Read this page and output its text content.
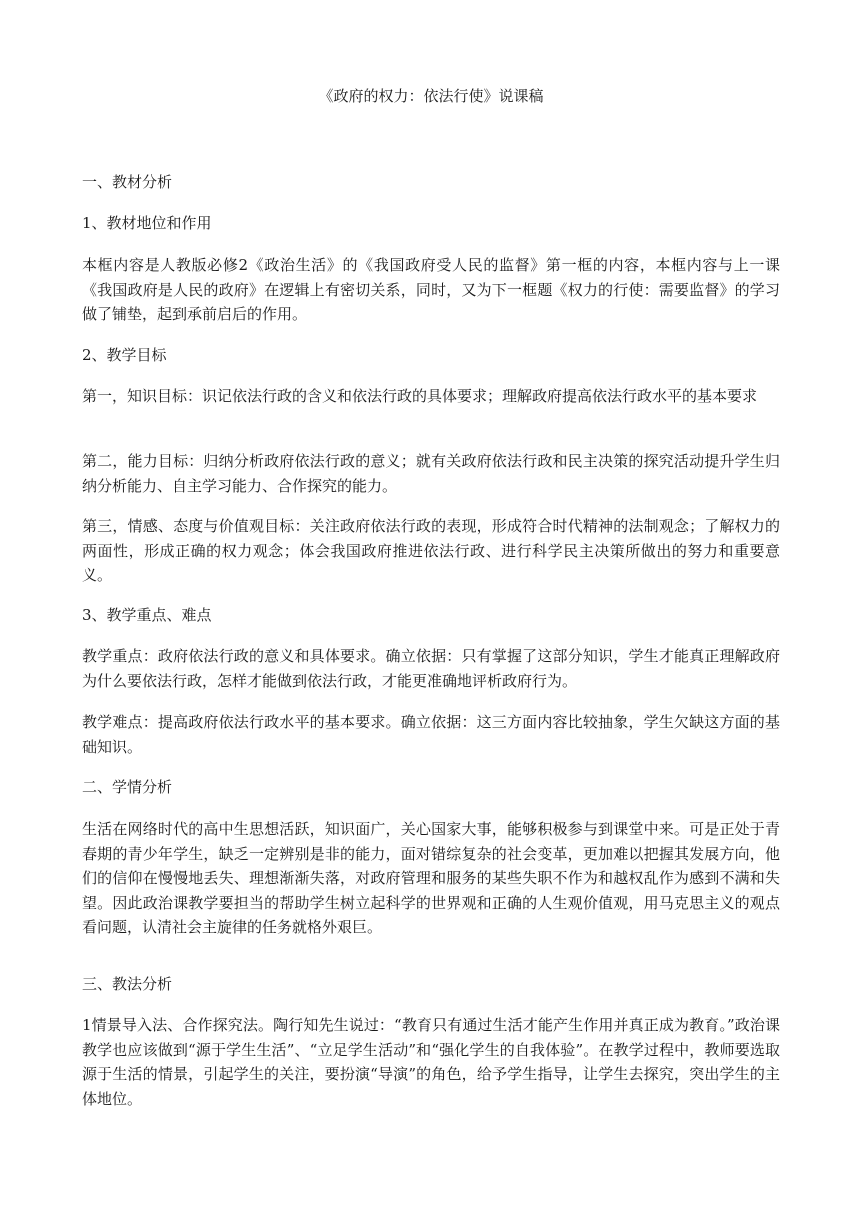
《政府的权力：依法行使》说课稿

一、教材分析

1、教材地位和作用

本框内容是人教版必修2《政治生活》的《我国政府受人民的监督》第一框的内容，本框内容与上一课《我国政府是人民的政府》在逻辑上有密切关系，同时，又为下一框题《权力的行使：需要监督》的学习做了铺垫，起到承前启后的作用。

2、教学目标

第一，知识目标：识记依法行政的含义和依法行政的具体要求；理解政府提高依法行政水平的基本要求

第二，能力目标：归纳分析政府依法行政的意义；就有关政府依法行政和民主决策的探究活动提升学生归纳分析能力、自主学习能力、合作探究的能力。

第三，情感、态度与价值观目标：关注政府依法行政的表现，形成符合时代精神的法制观念；了解权力的两面性，形成正确的权力观念；体会我国政府推进依法行政、进行科学民主决策所做出的努力和重要意义。

3、教学重点、难点

教学重点：政府依法行政的意义和具体要求。确立依据：只有掌握了这部分知识，学生才能真正理解政府为什么要依法行政，怎样才能做到依法行政，才能更准确地评析政府行为。

教学难点：提高政府依法行政水平的基本要求。确立依据：这三方面内容比较抽象，学生欠缺这方面的基础知识。

二、学情分析

生活在网络时代的高中生思想活跃，知识面广，关心国家大事，能够积极参与到课堂中来。可是正处于青春期的青少年学生，缺乏一定辨别是非的能力，面对错综复杂的社会变革，更加难以把握其发展方向，他们的信仰在慢慢地丢失、理想渐渐失落，对政府管理和服务的某些失职不作为和越权乱作为感到不满和失望。因此政治课教学要担当的帮助学生树立起科学的世界观和正确的人生观价值观，用马克思主义的观点看问题，认清社会主旋律的任务就格外艰巨。

三、教法分析

1情景导入法、合作探究法。陶行知先生说过：“教育只有通过生活才能产生作用并真正成为教育。”政治课教学也应该做到“源于学生生活”、“立足学生活动”和“强化学生的自我体验”。在教学过程中，教师要选取源于生活的情景，引起学生的关注，要扮演“导演”的角色，给予学生指导，让学生去探究，突出学生的主体地位。
